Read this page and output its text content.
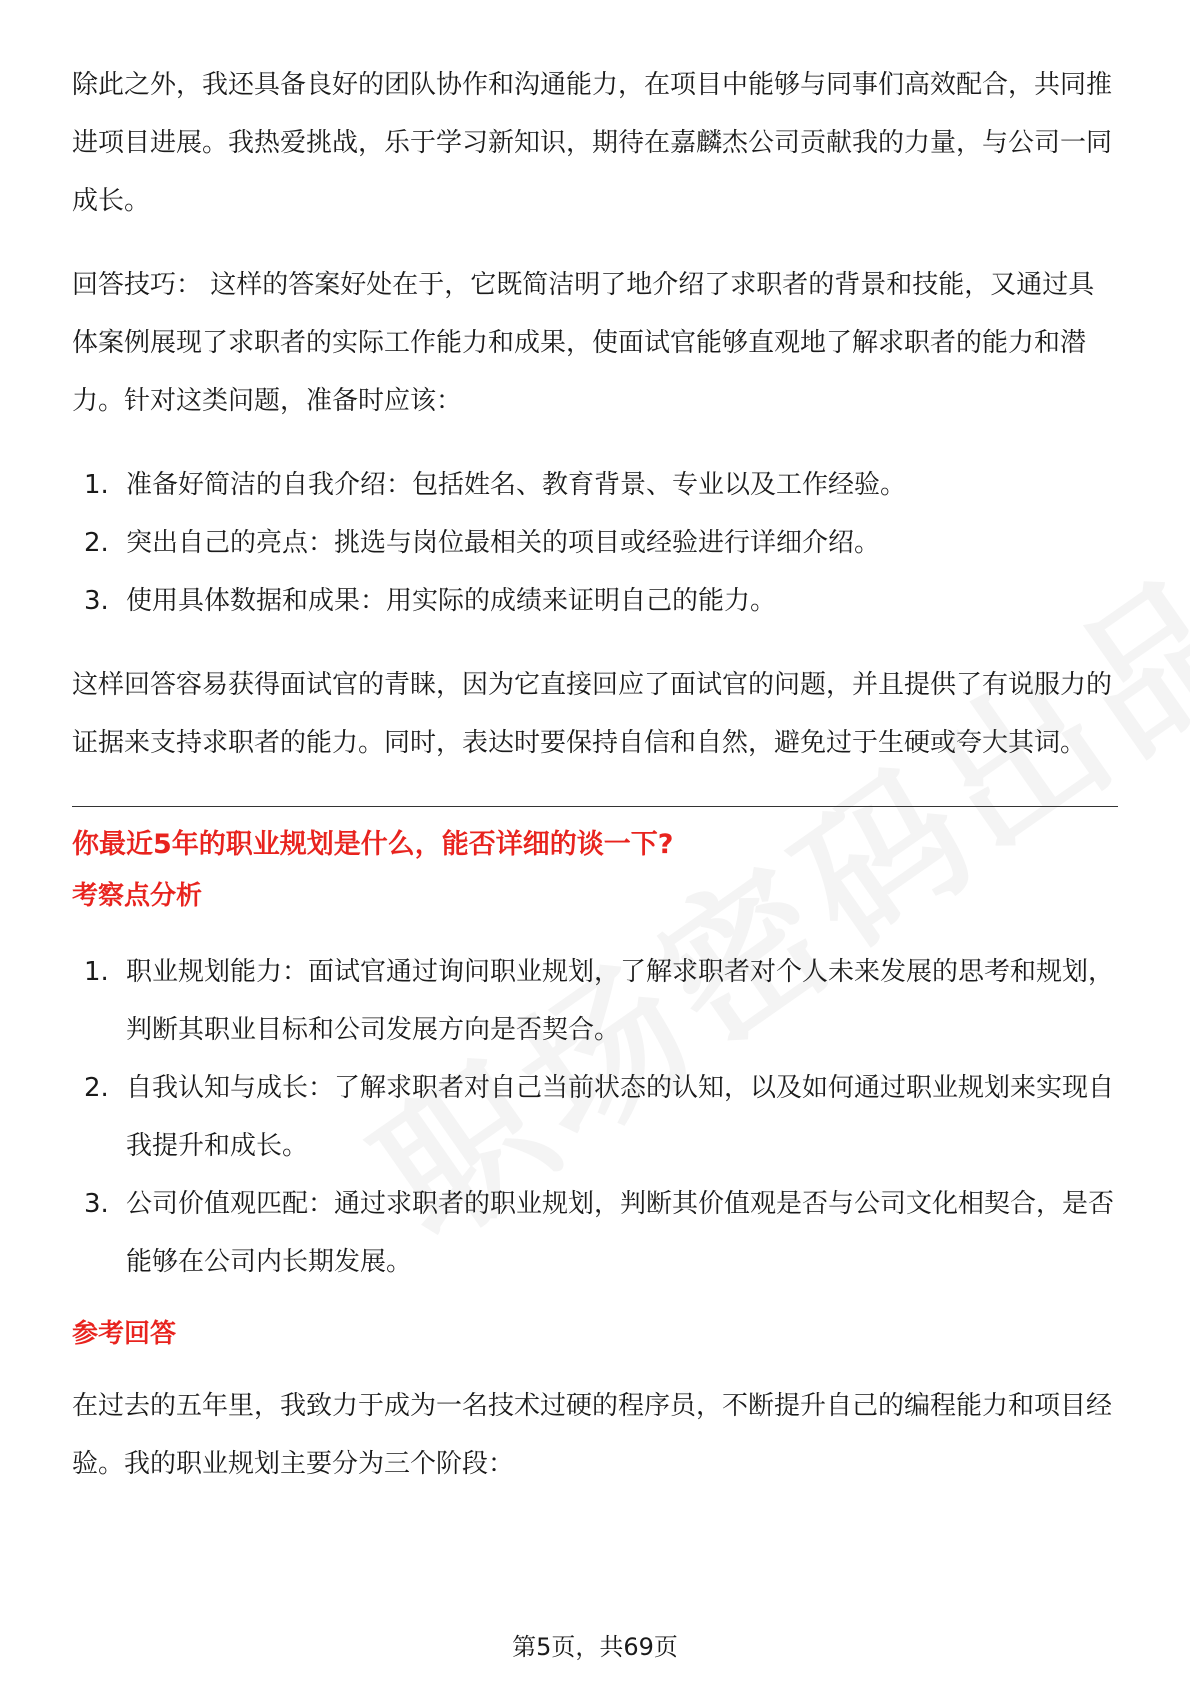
除此之外，我还具备良好的团队协作和沟通能力，在项目中能够与同事们高效配合，共同推进项目进展。我热爱挑战，乐于学习新知识，期待在嘉麟杰公司贡献我的力量，与公司一同成长。

回答技巧： 这样的答案好处在于，它既简洁明了地介绍了求职者的背景和技能，又通过具体案例展现了求职者的实际工作能力和成果，使面试官能够直观地了解求职者的能力和潜力。针对这类问题，准备时应该：

1. 准备好简洁的自我介绍：包括姓名、教育背景、专业以及工作经验。
2. 突出自己的亮点：挑选与岗位最相关的项目或经验进行详细介绍。
3. 使用具体数据和成果：用实际的成绩来证明自己的能力。

这样回答容易获得面试官的青睐，因为它直接回应了面试官的问题，并且提供了有说服力的证据来支持求职者的能力。同时，表达时要保持自信和自然，避免过于生硬或夸大其词。

你最近5年的职业规划是什么，能否详细的谈一下?
考察点分析
1. 职业规划能力：面试官通过询问职业规划，了解求职者对个人未来发展的思考和规划，判断其职业目标和公司发展方向是否契合。
2. 自我认知与成长：了解求职者对自己当前状态的认知，以及如何通过职业规划来实现自我提升和成长。
3. 公司价值观匹配：通过求职者的职业规划，判断其价值观是否与公司文化相契合，是否能够在公司内长期发展。
参考回答

在过去的五年里，我致力于成为一名技术过硬的程序员，不断提升自己的编程能力和项目经验。我的职业规划主要分为三个阶段：

第5页，共69页
